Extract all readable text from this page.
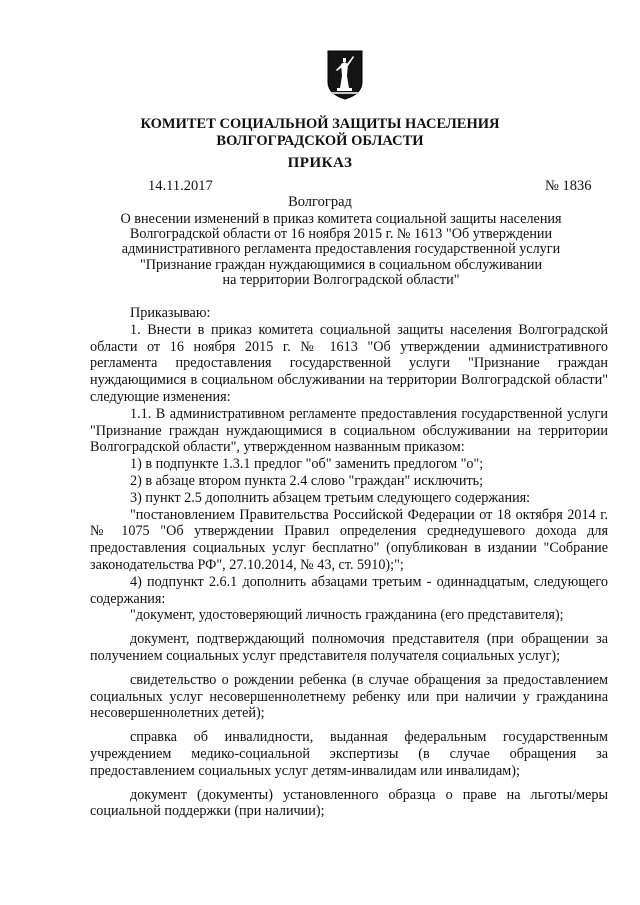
КОМИТЕТ СОЦИАЛЬНОЙ ЗАЩИТЫ НАСЕЛЕНИЯ
ВОЛГОГРАДСКОЙ ОБЛАСТИ
ПРИКАЗ
14.11.2017	№ 1836
Волгоград
О внесении изменений в приказ комитета социальной защиты населения
Волгоградской области от 16 ноября 2015 г. № 1613 "Об утверждении
административного регламента предоставления государственной услуги
"Признание граждан нуждающимися в социальном обслуживании
на территории Волгоградской области"

Приказываю:

1. Внести в приказ комитета социальной защиты населения Волгоградской области от 16 ноября 2015 г. № 1613 "Об утверждении административного регламента предоставления государственной услуги "Признание граждан нуждающимися в социальном обслуживании на территории Волгоградской области" следующие изменения:

1.1. В административном регламенте предоставления государственной услуги "Признание граждан нуждающимися в социальном обслуживании на территории Волгоградской области", утвержденном названным приказом:

1) в подпункте 1.3.1 предлог "об" заменить предлогом "о";

2) в абзаце втором пункта 2.4 слово "граждан" исключить;

3) пункт 2.5 дополнить абзацем третьим следующего содержания:

"постановлением Правительства Российской Федерации от 18 октября 2014 г. № 1075 "Об утверждении Правил определения среднедушевого дохода для предоставления социальных услуг бесплатно" (опубликован в издании "Собрание законодательства РФ", 27.10.2014, № 43, ст. 5910);";

4) подпункт 2.6.1 дополнить абзацами третьим - одиннадцатым, следующего содержания:

"документ, удостоверяющий личность гражданина (его представителя);

документ, подтверждающий полномочия представителя (при обращении за получением социальных услуг представителя получателя социальных услуг);

свидетельство о рождении ребенка (в случае обращения за предоставлением социальных услуг несовершеннолетнему ребенку или при наличии у гражданина несовершеннолетних детей);

справка об инвалидности, выданная федеральным государственным учреждением медико-социальной экспертизы (в случае обращения за предоставлением социальных услуг детям-инвалидам или инвалидам);

документ (документы) установленного образца о праве на льготы/меры социальной поддержки (при наличии);
